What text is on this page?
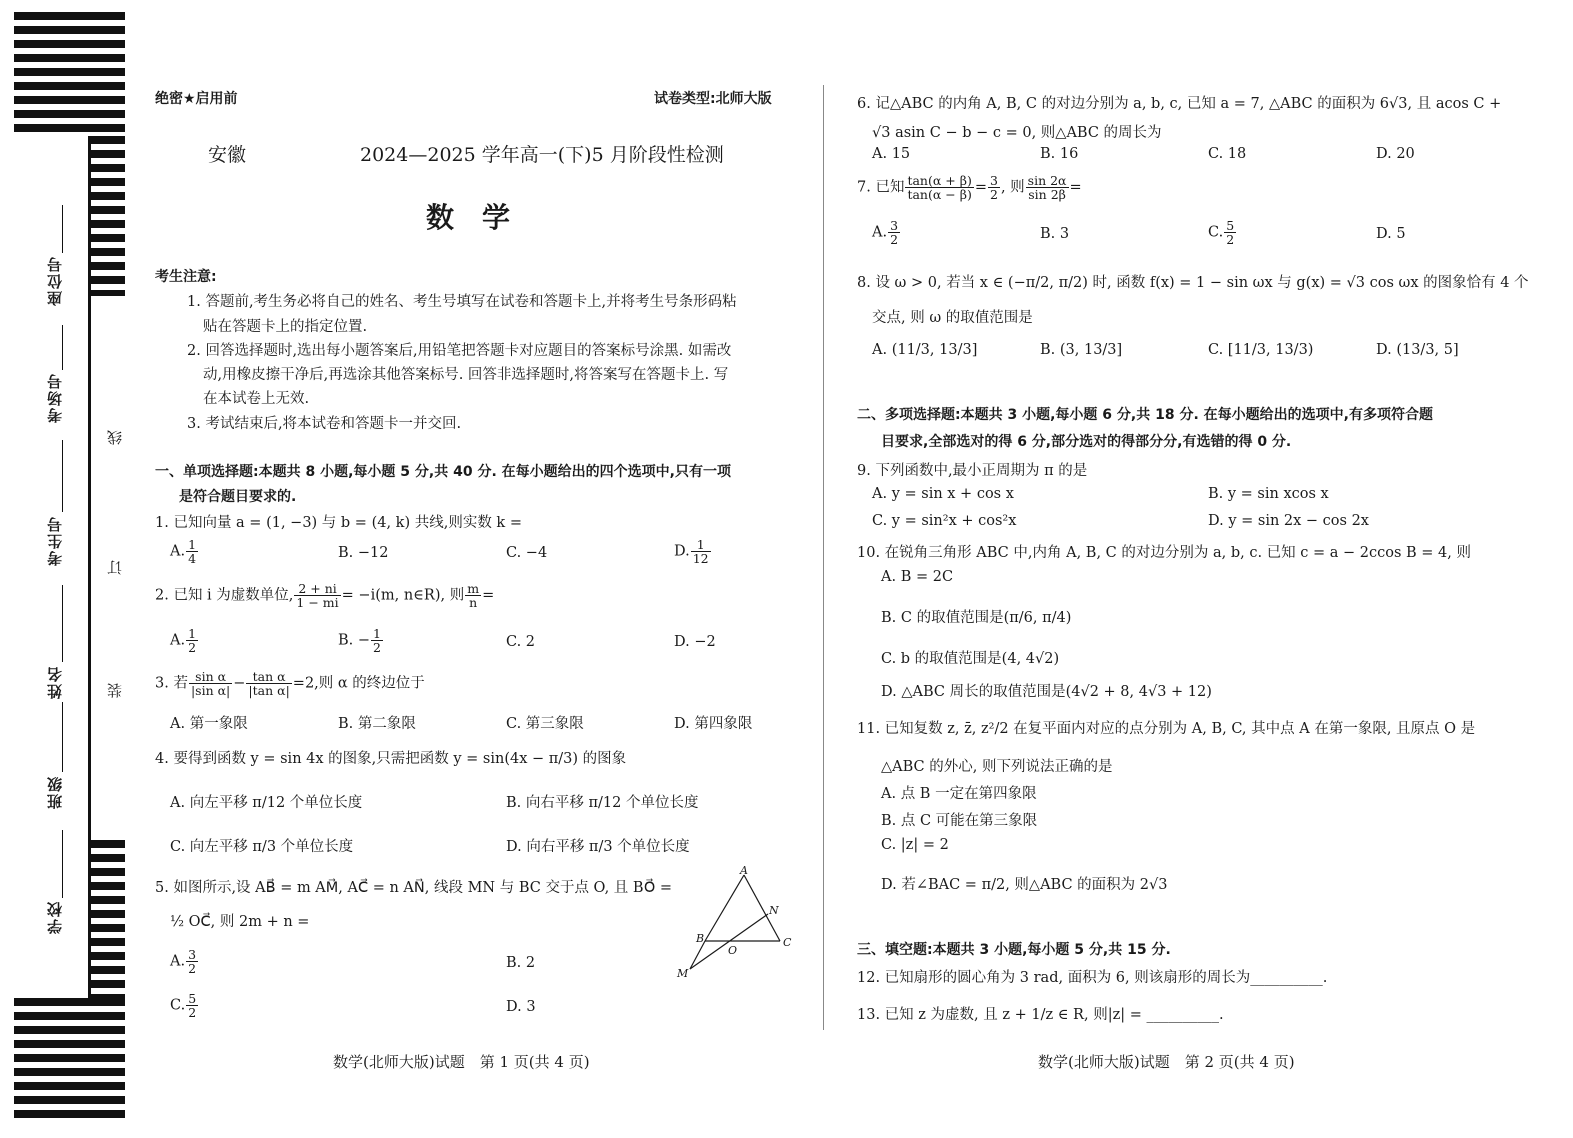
座位号
考场号
考生号
姓名
班级
学校
线
订
装
绝密★启用前	试卷类型:北师大版
安徽　　　　　　2024—2025 学年高一(下)5 月阶段性检测
数　学
考生注意:
1. 答题前,考生务必将自己的姓名、考生号填写在试卷和答题卡上,并将考生号条形码粘
贴在答题卡上的指定位置.
2. 回答选择题时,选出每小题答案后,用铅笔把答题卡对应题目的答案标号涂黑. 如需改
动,用橡皮擦干净后,再选涂其他答案标号. 回答非选择题时,将答案写在答题卡上. 写
在本试卷上无效.
3. 考试结束后,将本试卷和答题卡一并交回.
一、单项选择题:本题共 8 小题,每小题 5 分,共 40 分. 在每小题给出的四个选项中,只有一项
是符合题目要求的.
1. 已知向量 a = (1, −3) 与 b = (4, k) 共线,则实数 k =
A. $\frac{1}{4}$	B. −12	C. −4	D. $\frac{1}{12}$
2. 已知 i 为虚数单位, $\frac{2 + ni}{1 - mi} = -i(m$, n∈R), 则 $\frac{m}{n}$ =
A. $\frac{1}{2}$	B. − $\frac{1}{2}$	C. 2	D. −2
3. 若 $\frac{\text{sin α}}{\text{|sin α|}} - \frac{\text{tan α}}{\text{|tan α|}} =2$,则 α 的终边位于
A. 第一象限	B. 第二象限	C. 第三象限	D. 第四象限
4. 要得到函数 y = sin 4x 的图象,只需把函数 y = sin(4x − π/3) 的图象
A. 向左平移 π/12 个单位长度	B. 向右平移 π/12 个单位长度
C. 向左平移 π/3 个单位长度	D. 向右平移 π/3 个单位长度
5. 如图所示,设 AB⃗ = m AM⃗, AC⃗ = n AN⃗, 线段 MN 与 BC 交于点 O, 且 BO⃗ =
½ OC⃗, 则 2m + n =
A. $\frac{3}{2}$	B. 2
C. $\frac{5}{2}$	D. 3
A
B	C
M
N
O
数学(北师大版)试题　第 1 页(共 4 页)
6. 记△ABC 的内角 A, B, C 的对边分别为 a, b, c, 已知 a = 7, △ABC 的面积为 6√3, 且 acos C +
√3 asin C − b − c = 0, 则△ABC 的周长为
A. 15	B. 16	C. 18	D. 20
7. 已知 $\frac{\tan(\alpha + \beta)}{\tan(\alpha - \beta)} = \frac{3}{2}$ , 则 $\frac{\sin 2\alpha}{\sin 2\beta}$ =
A. $\frac{3}{2}$	B. 3	C. $\frac{5}{2}$	D. 5
8. 设 ω > 0, 若当 x ∈ (−π/2, π/2) 时, 函数 f(x) = 1 − sin ωx 与 g(x) = √3 cos ωx 的图象恰有 4 个
交点, 则 ω 的取值范围是
A. (11/3, 13/3]	B. (3, 13/3]	C. [11/3, 13/3)	D. (13/3, 5]
二、多项选择题:本题共 3 小题,每小题 6 分,共 18 分. 在每小题给出的选项中,有多项符合题
目要求,全部选对的得 6 分,部分选对的得部分分,有选错的得 0 分.
9. 下列函数中,最小正周期为 π 的是
A. y = sin x + cos x	B. y = sin xcos x
C. y = sin²x + cos²x	D. y = sin 2x − cos 2x
10. 在锐角三角形 ABC 中,内角 A, B, C 的对边分别为 a, b, c. 已知 c = a − 2ccos B = 4, 则
A. B = 2C
B. C 的取值范围是(π/6, π/4)
C. b 的取值范围是(4, 4√2)
D. △ABC 周长的取值范围是(4√2 + 8, 4√3 + 12)
11. 已知复数 z, z̄, z²/2 在复平面内对应的点分别为 A, B, C, 其中点 A 在第一象限, 且原点 O 是
△ABC 的外心, 则下列说法正确的是
A. 点 B 一定在第四象限
B. 点 C 可能在第三象限
C. |z| = 2
D. 若∠BAC = π/2, 则△ABC 的面积为 2√3
三、填空题:本题共 3 小题,每小题 5 分,共 15 分.
12. 已知扇形的圆心角为 3 rad, 面积为 6, 则该扇形的周长为__________.
13. 已知 z 为虚数, 且 z + 1/z ∈ R, 则|z| = __________.
数学(北师大版)试题　第 2 页(共 4 页)
